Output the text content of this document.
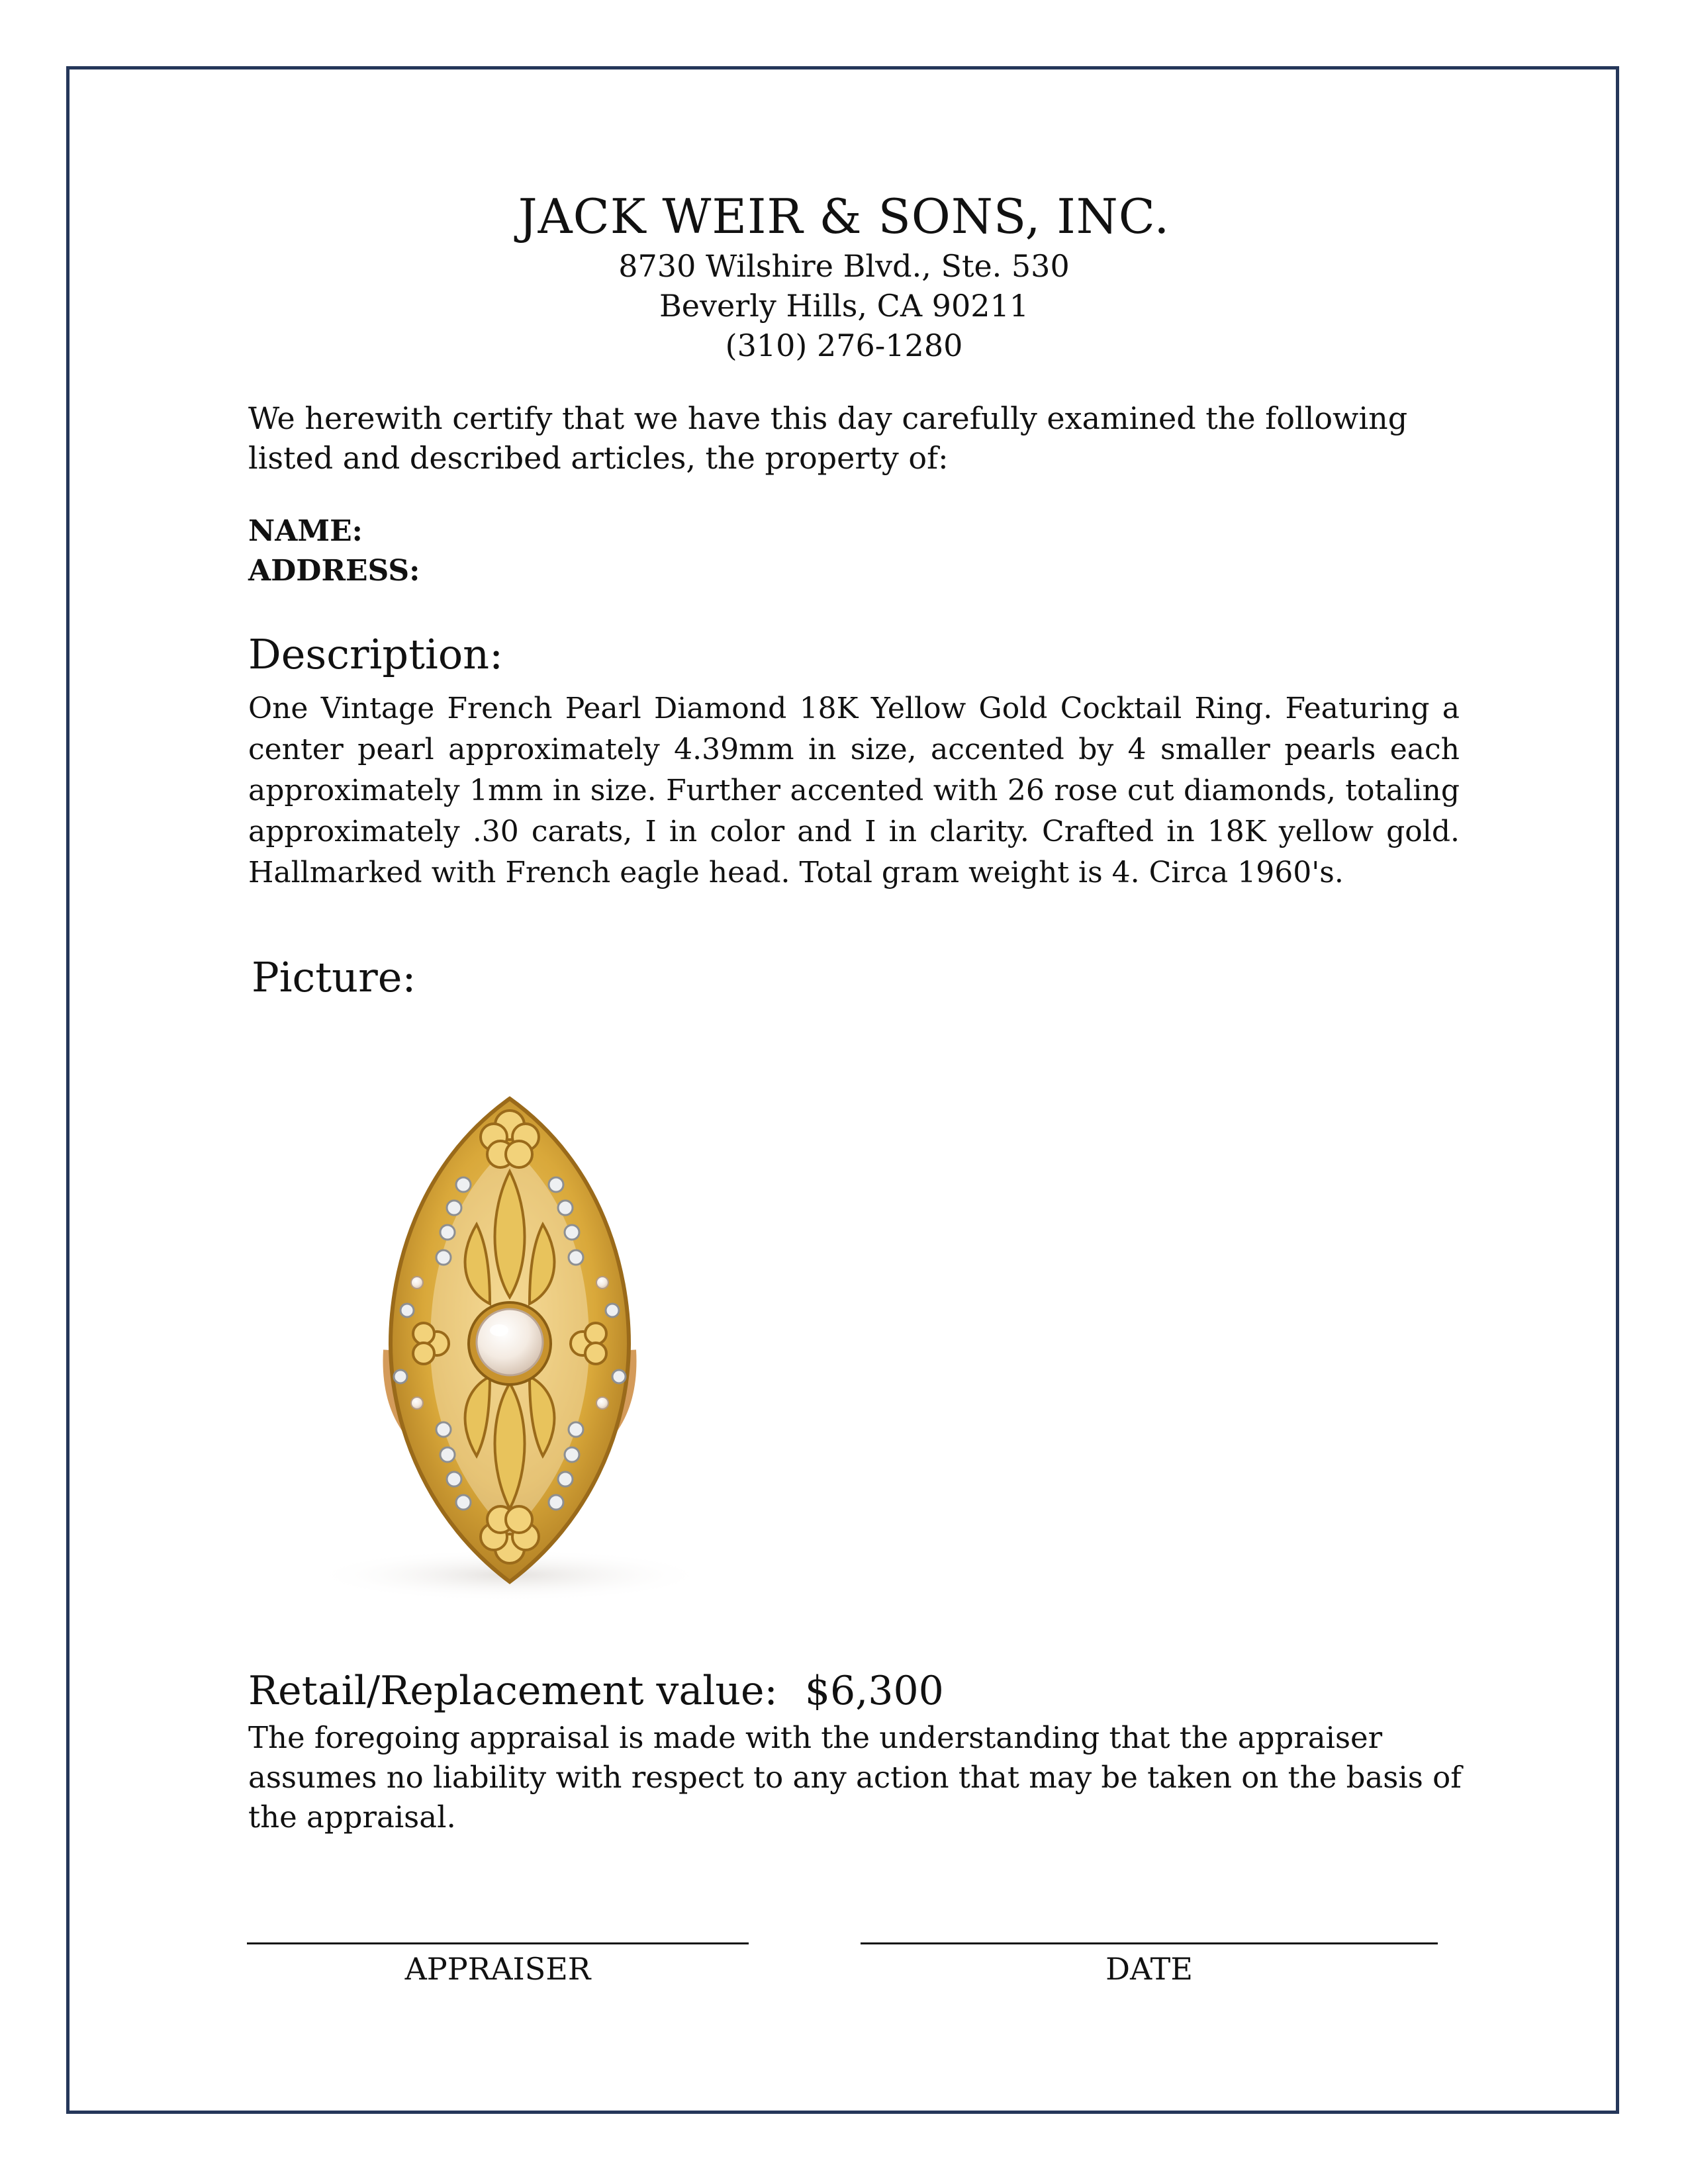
JACK WEIR & SONS, INC.
8730 Wilshire Blvd., Ste. 530
Beverly Hills, CA 90211
(310) 276-1280
We herewith certify that we have this day carefully examined the following listed and described articles, the property of:
NAME:
ADDRESS:
Description:
One Vintage French Pearl Diamond 18K Yellow Gold Cocktail Ring. Featuring a center pearl approximately 4.39mm in size, accented by 4 smaller pearls each approximately 1mm in size. Further accented with 26 rose cut diamonds, totaling approximately .30 carats, I in color and I in clarity. Crafted in 18K yellow gold. Hallmarked with French eagle head. Total gram weight is 4. Circa 1960's.
Picture:
Retail/Replacement value: $6,300
The foregoing appraisal is made with the understanding that the appraiser assumes no liability with respect to any action that may be taken on the basis of the appraisal.
APPRAISER	DATE
